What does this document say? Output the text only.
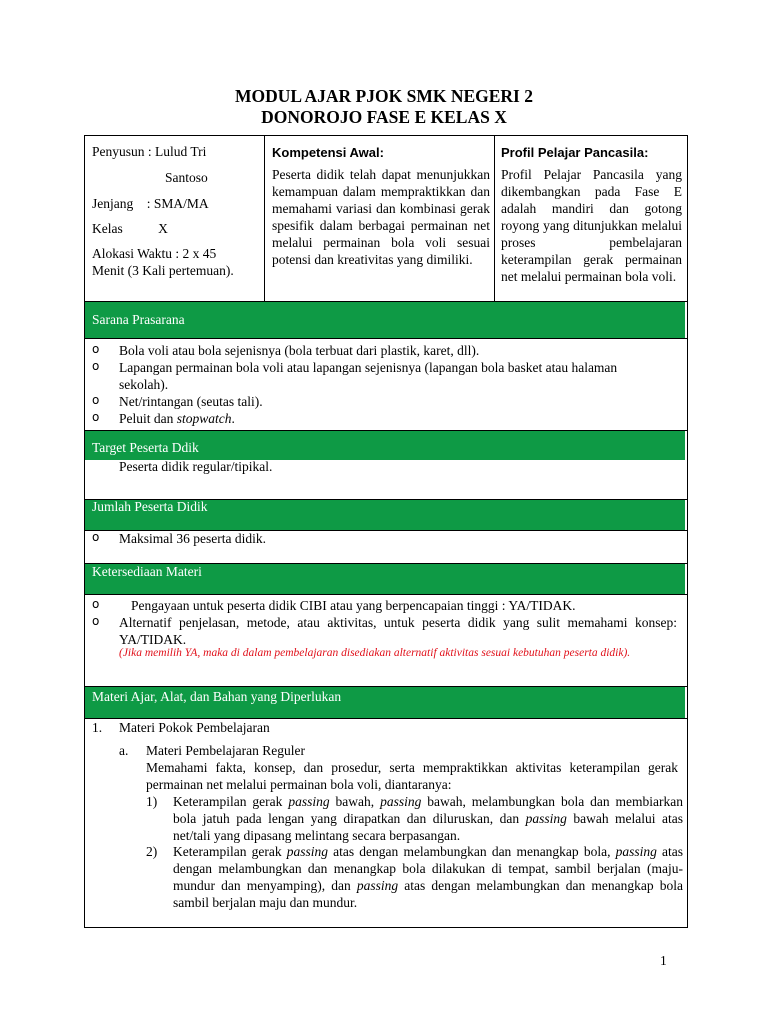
MODUL AJAR PJOK SMK NEGERI 2
DONOROJO FASE E KELAS X
Penyusun : Lulud Tri
Santoso
Jenjang    : SMA/MA
Kelas	X
Alokasi Waktu : 2 x 45
Menit (3 Kali pertemuan).
Kompetensi Awal:

Peserta didik telah dapat menunjukkan kemampuan dalam mempraktikkan dan memahami variasi dan kombinasi gerak spesifik dalam berbagai permainan net melalui permainan bola voli sesuai potensi dan kreativitas yang dimiliki.

Profil Pelajar Pancasila:

Profil Pelajar Pancasila yang dikembangkan pada Fase E adalah mandiri dan gotong royong yang ditunjukkan melalui proses pembelajaran keterampilan gerak permainan net melalui permainan bola voli.

Sarana Prasarana
o Bola voli atau bola sejenisnya (bola terbuat dari plastik, karet, dll).
o Lapangan permainan bola voli atau lapangan sejenisnya (lapangan bola basket atau halaman sekolah).
o Net/rintangan (seutas tali).
o Peluit dan stopwatch.
Target Peserta Ddik
Peserta didik regular/tipikal.
Jumlah Peserta Didik
o Maksimal 36 peserta didik.
Ketersediaan Materi
o Pengayaan untuk peserta didik CIBI atau yang berpencapaian tinggi : YA/TIDAK.
o Alternatif penjelasan, metode, atau aktivitas, untuk peserta didik yang sulit memahami konsep: YA/TIDAK.
(Jika memilih YA, maka di dalam pembelajaran disediakan alternatif aktivitas sesuai kebutuhan peserta didik).
Materi Ajar, Alat, dan Bahan yang Diperlukan
1. Materi Pokok Pembelajaran
a. Materi Pembelajaran Reguler
Memahami fakta, konsep, dan prosedur, serta mempraktikkan aktivitas keterampilan gerak permainan net melalui permainan bola voli, diantaranya:
1) Keterampilan gerak passing bawah, passing bawah, melambungkan bola dan membiarkan bola jatuh pada lengan yang dirapatkan dan diluruskan, dan passing bawah melalui atas net/tali yang dipasang melintang secara berpasangan.
2) Keterampilan gerak passing atas dengan melambungkan dan menangkap bola, passing atas dengan melambungkan dan menangkap bola dilakukan di tempat, sambil berjalan (maju-mundur dan menyamping), dan passing atas dengan melambungkan dan menangkap bola sambil berjalan maju dan mundur.
1
